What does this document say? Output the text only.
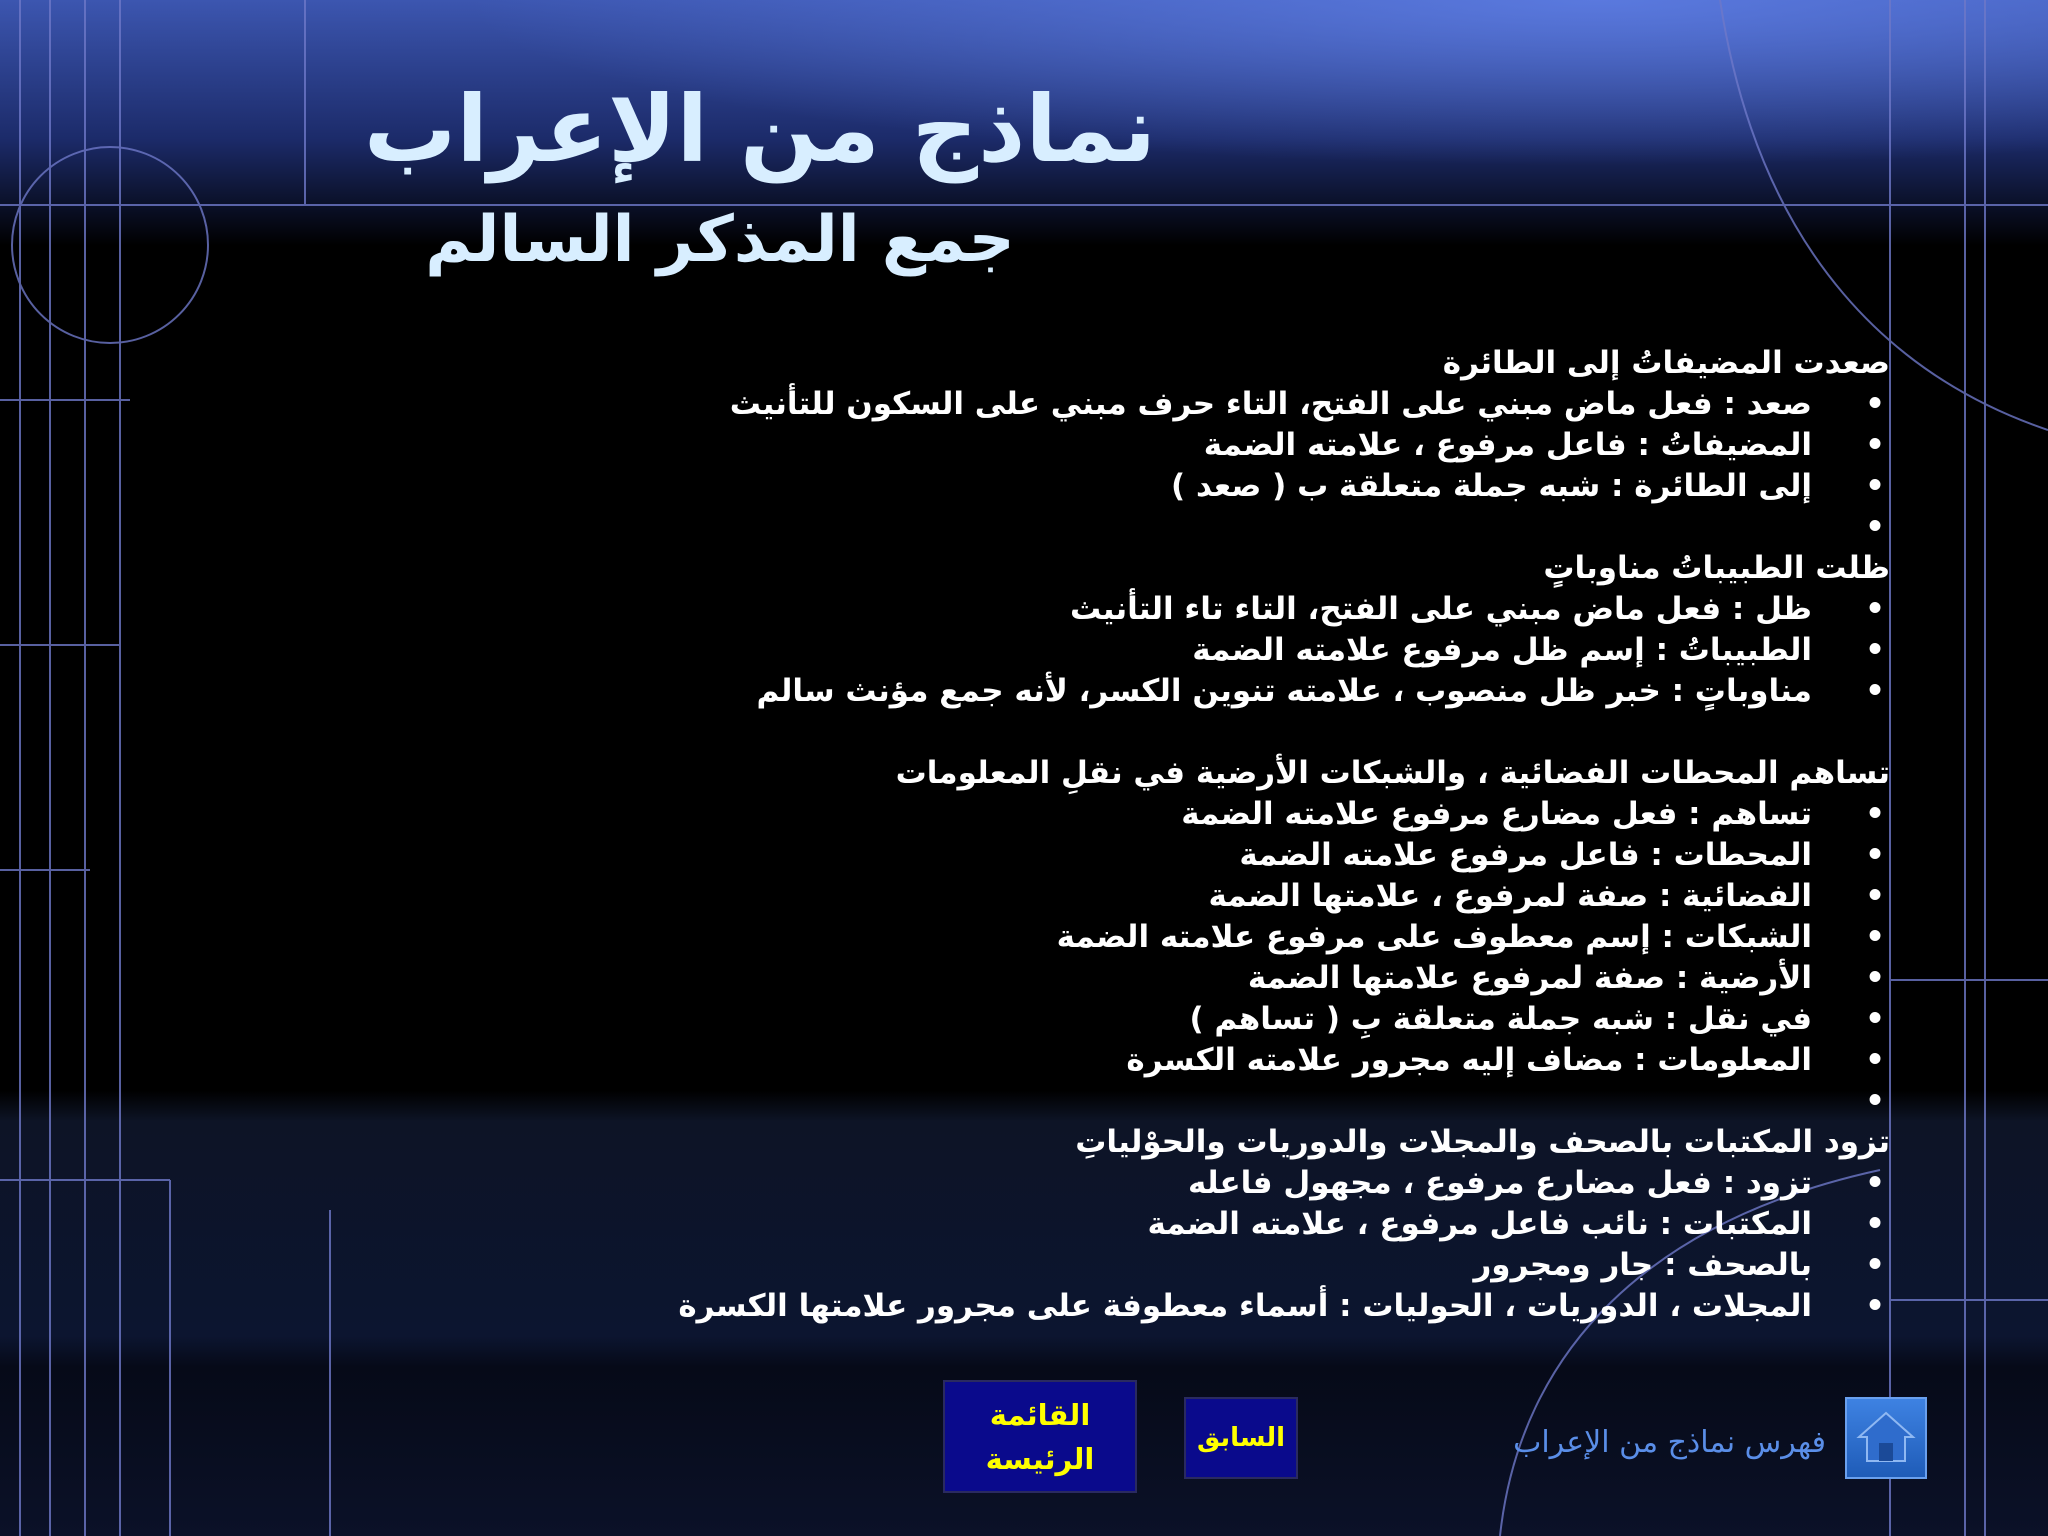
نماذج من الإعراب
جمع المذكر السالم
صعدت المضيفاتُ إلى الطائرة
•
صعد : فعل ماض مبني على الفتح، التاء حرف مبني على السكون للتأنيث
•
المضيفاتُ : فاعل مرفوع ، علامته الضمة
•
إلى الطائرة : شبه جملة متعلقة ب ( صعد )
•
ظلت الطبيباتُ مناوباتٍ
•
ظل : فعل ماض مبني على الفتح، التاء تاء التأنيث
•
الطبيباتُ : إسم ظل مرفوع علامته الضمة
•
مناوباتٍ : خبر ظل منصوب ، علامته تنوين الكسر، لأنه جمع مؤنث سالم
تساهم المحطات الفضائية ، والشبكات الأرضية في نقلِ المعلومات
•
تساهم : فعل مضارع مرفوع علامته الضمة
•
المحطات : فاعل مرفوع علامته الضمة
•
الفضائية : صفة لمرفوع ، علامتها الضمة
•
الشبكات : إسم معطوف على مرفوع علامته الضمة
•
الأرضية : صفة لمرفوع علامتها الضمة
•
في نقل : شبه جملة متعلقة بِ ( تساهم )
•
المعلومات : مضاف إليه مجرور علامته الكسرة
•
تزود المكتبات بالصحف والمجلات والدوريات والحوْلياتِ
•
تزود : فعل مضارع مرفوع ، مجهول فاعله
•
المكتبات : نائب فاعل مرفوع ، علامته الضمة
•
بالصحف : جار ومجرور
•
المجلات ، الدوريات ، الحوليات : أسماء معطوفة على مجرور علامتها الكسرة
القائمة
الرئيسة
السابق	فهرس نماذج من الإعراب
